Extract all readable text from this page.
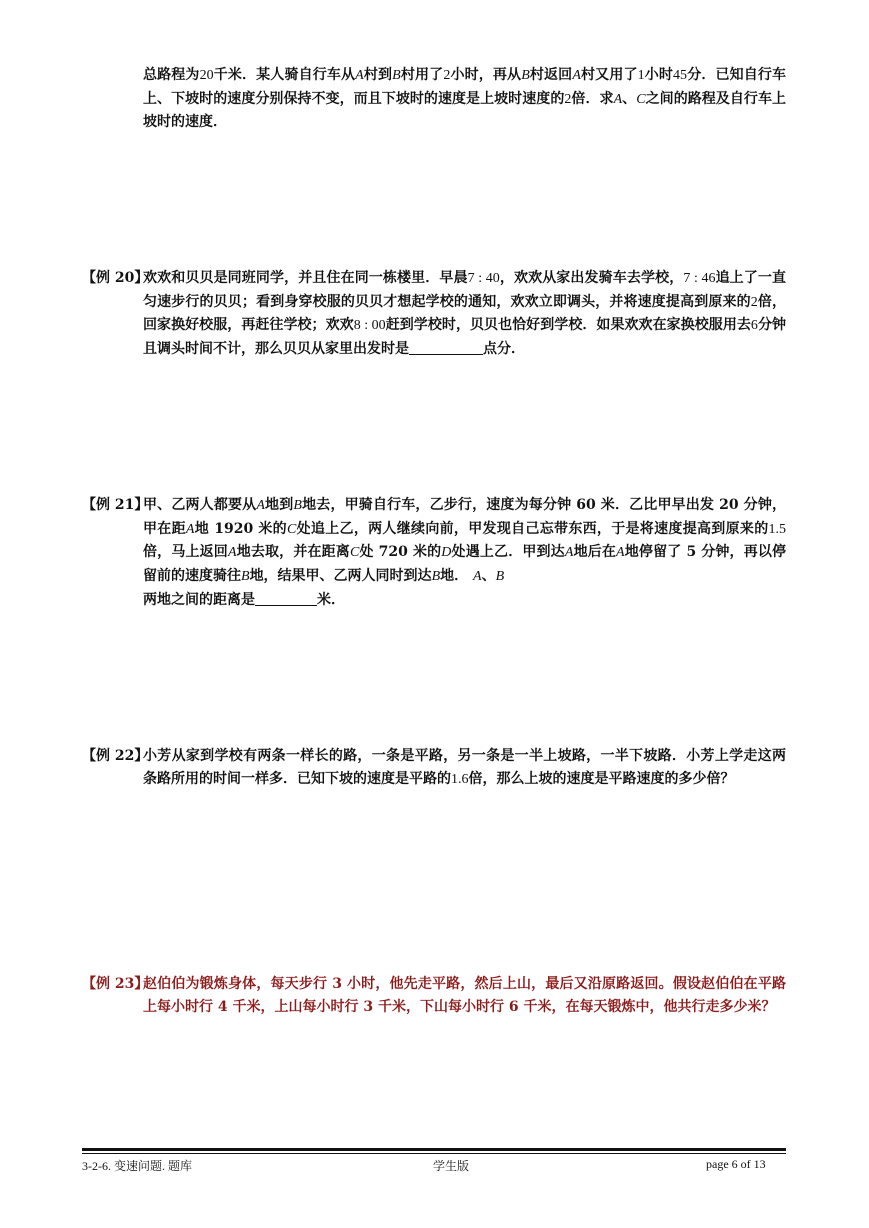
总路程为20千米．某人骑自行车从A村到B村用了2小时，再从B村返回A村又用了1小时45分．已知自行车上、下坡时的速度分别保持不变，而且下坡时的速度是上坡时速度的2倍．求A、C之间的路程及自行车上坡时的速度．
【例 20】
欢欢和贝贝是同班同学，并且住在同一栋楼里．早晨7 : 40，欢欢从家出发骑车去学校，7 : 46追上了一直匀速步行的贝贝；看到身穿校服的贝贝才想起学校的通知，欢欢立即调头，并将速度提高到原来的2倍，回家换好校服，再赶往学校；欢欢8 : 00赶到学校时，贝贝也恰好到学校．如果欢欢在家换校服用去6分钟且调头时间不计，那么贝贝从家里出发时是	点分．
【例 21】
甲、乙两人都要从A地到B地去，甲骑自行车，乙步行，速度为每分钟 60 米．乙比甲早出发 20 分钟，甲在距A地 1920 米的C处追上乙，两人继续向前，甲发现自己忘带东西，于是将速度提高到原来的1.5倍，马上返回A地去取，并在距离C处 720 米的D处遇上乙．甲到达A地后在A地停留了 5 分钟，再以停留前的速度骑往B地，结果甲、乙两人同时到达B地． A、B
两地之间的距离是	米．
【例 22】
小芳从家到学校有两条一样长的路，一条是平路，另一条是一半上坡路，一半下坡路．小芳上学走这两条路所用的时间一样多．已知下坡的速度是平路的1.6倍，那么上坡的速度是平路速度的多少倍？
【例 23】
赵伯伯为锻炼身体，每天步行 3 小时，他先走平路，然后上山，最后又沿原路返回。假设赵伯伯在平路上每小时行 4 千米，上山每小时行 3 千米，下山每小时行 6 千米，在每天锻炼中，他共行走多少米？
3-2-6. 变速问题. 题库	学生版	page 6 of 13
